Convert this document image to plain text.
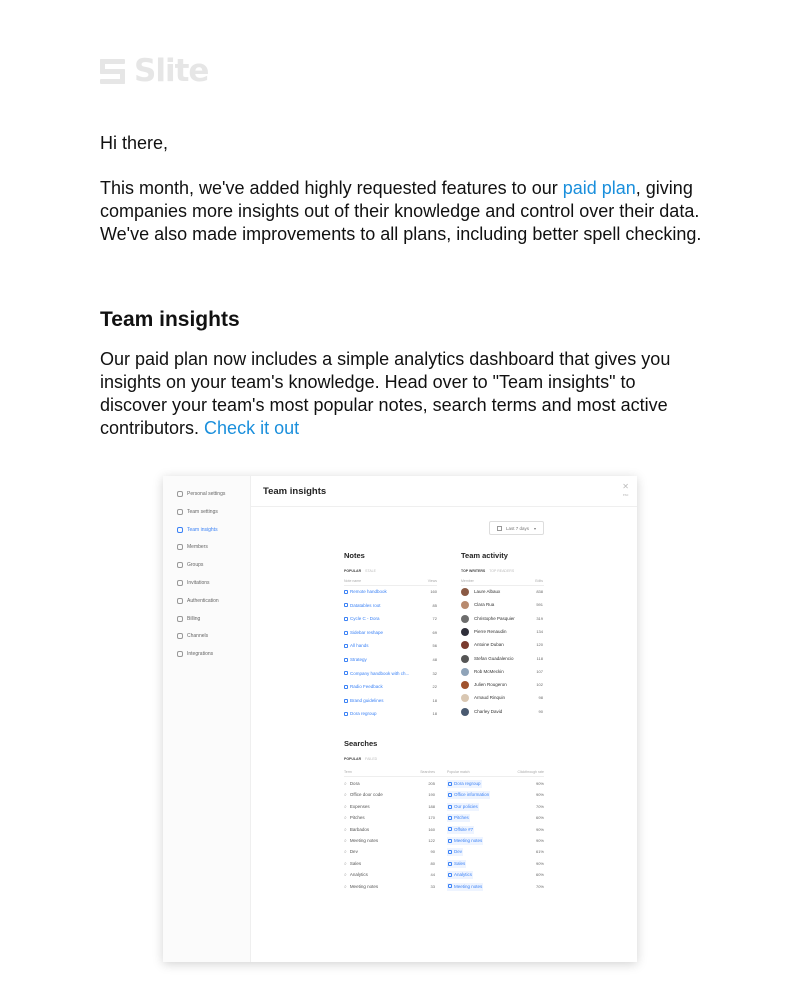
Slite

Hi there,

This month, we've added highly requested features to our paid plan, giving companies more insights out of their knowledge and control over their data. We've also made improvements to all plans, including better spell checking.

Team insights

Our paid plan now includes a simple analytics dashboard that gives you insights on your team's knowledge. Head over to "Team insights" to discover your team's most popular notes, search terms and most active contributors. Check it out

Personal settings
Team settings
Team insights
Members
Groups
Invitations
Authentication
Billing
Channels
Integrations
Team insights	✕
esc
Last 7 days ▾
Notes
POPULAR STALE
Note name	Views
Remote handbook	160
Datatables root	85
Cycle C - Dora	72
Sidebar reshape	69
All hands	56
Strategy	48
Company handbook with ch...	32
Radio Feedback	22
Brand guidelines	18
Dora regroup	18
Team activity
TOP WRITERS TOP READERS
Member	Edits
Laure Albaux	838
Clara Rua	591
Christophe Pasquier	319
Pierre Renaudin	134
Antoine Duban	120
Stefan Guadalencio	118
Rob McMeckin	107
Julien Rougeron	102
Arnaud Rinquin	98
Charley David	90
Searches
POPULAR FAILED
Term	Searches	Popular match	Clickthrough rate
⌕ Dora	205	Dora regroup	90%
⌕ Office door code	190	Office information	90%
⌕ Expenses	188	Our policies	70%
⌕ Pitches	170	Pitches	60%
⌕ Barbados	160	Offsite #7	90%
⌕ Meeting notes	122	Meeting notes	90%
⌕ Dev	90	Dev	61%
⌕ Sales	80	Sales	90%
⌕ Analytics	44	Analytics	60%
⌕ Meeting notes	33	Meeting notes	70%
